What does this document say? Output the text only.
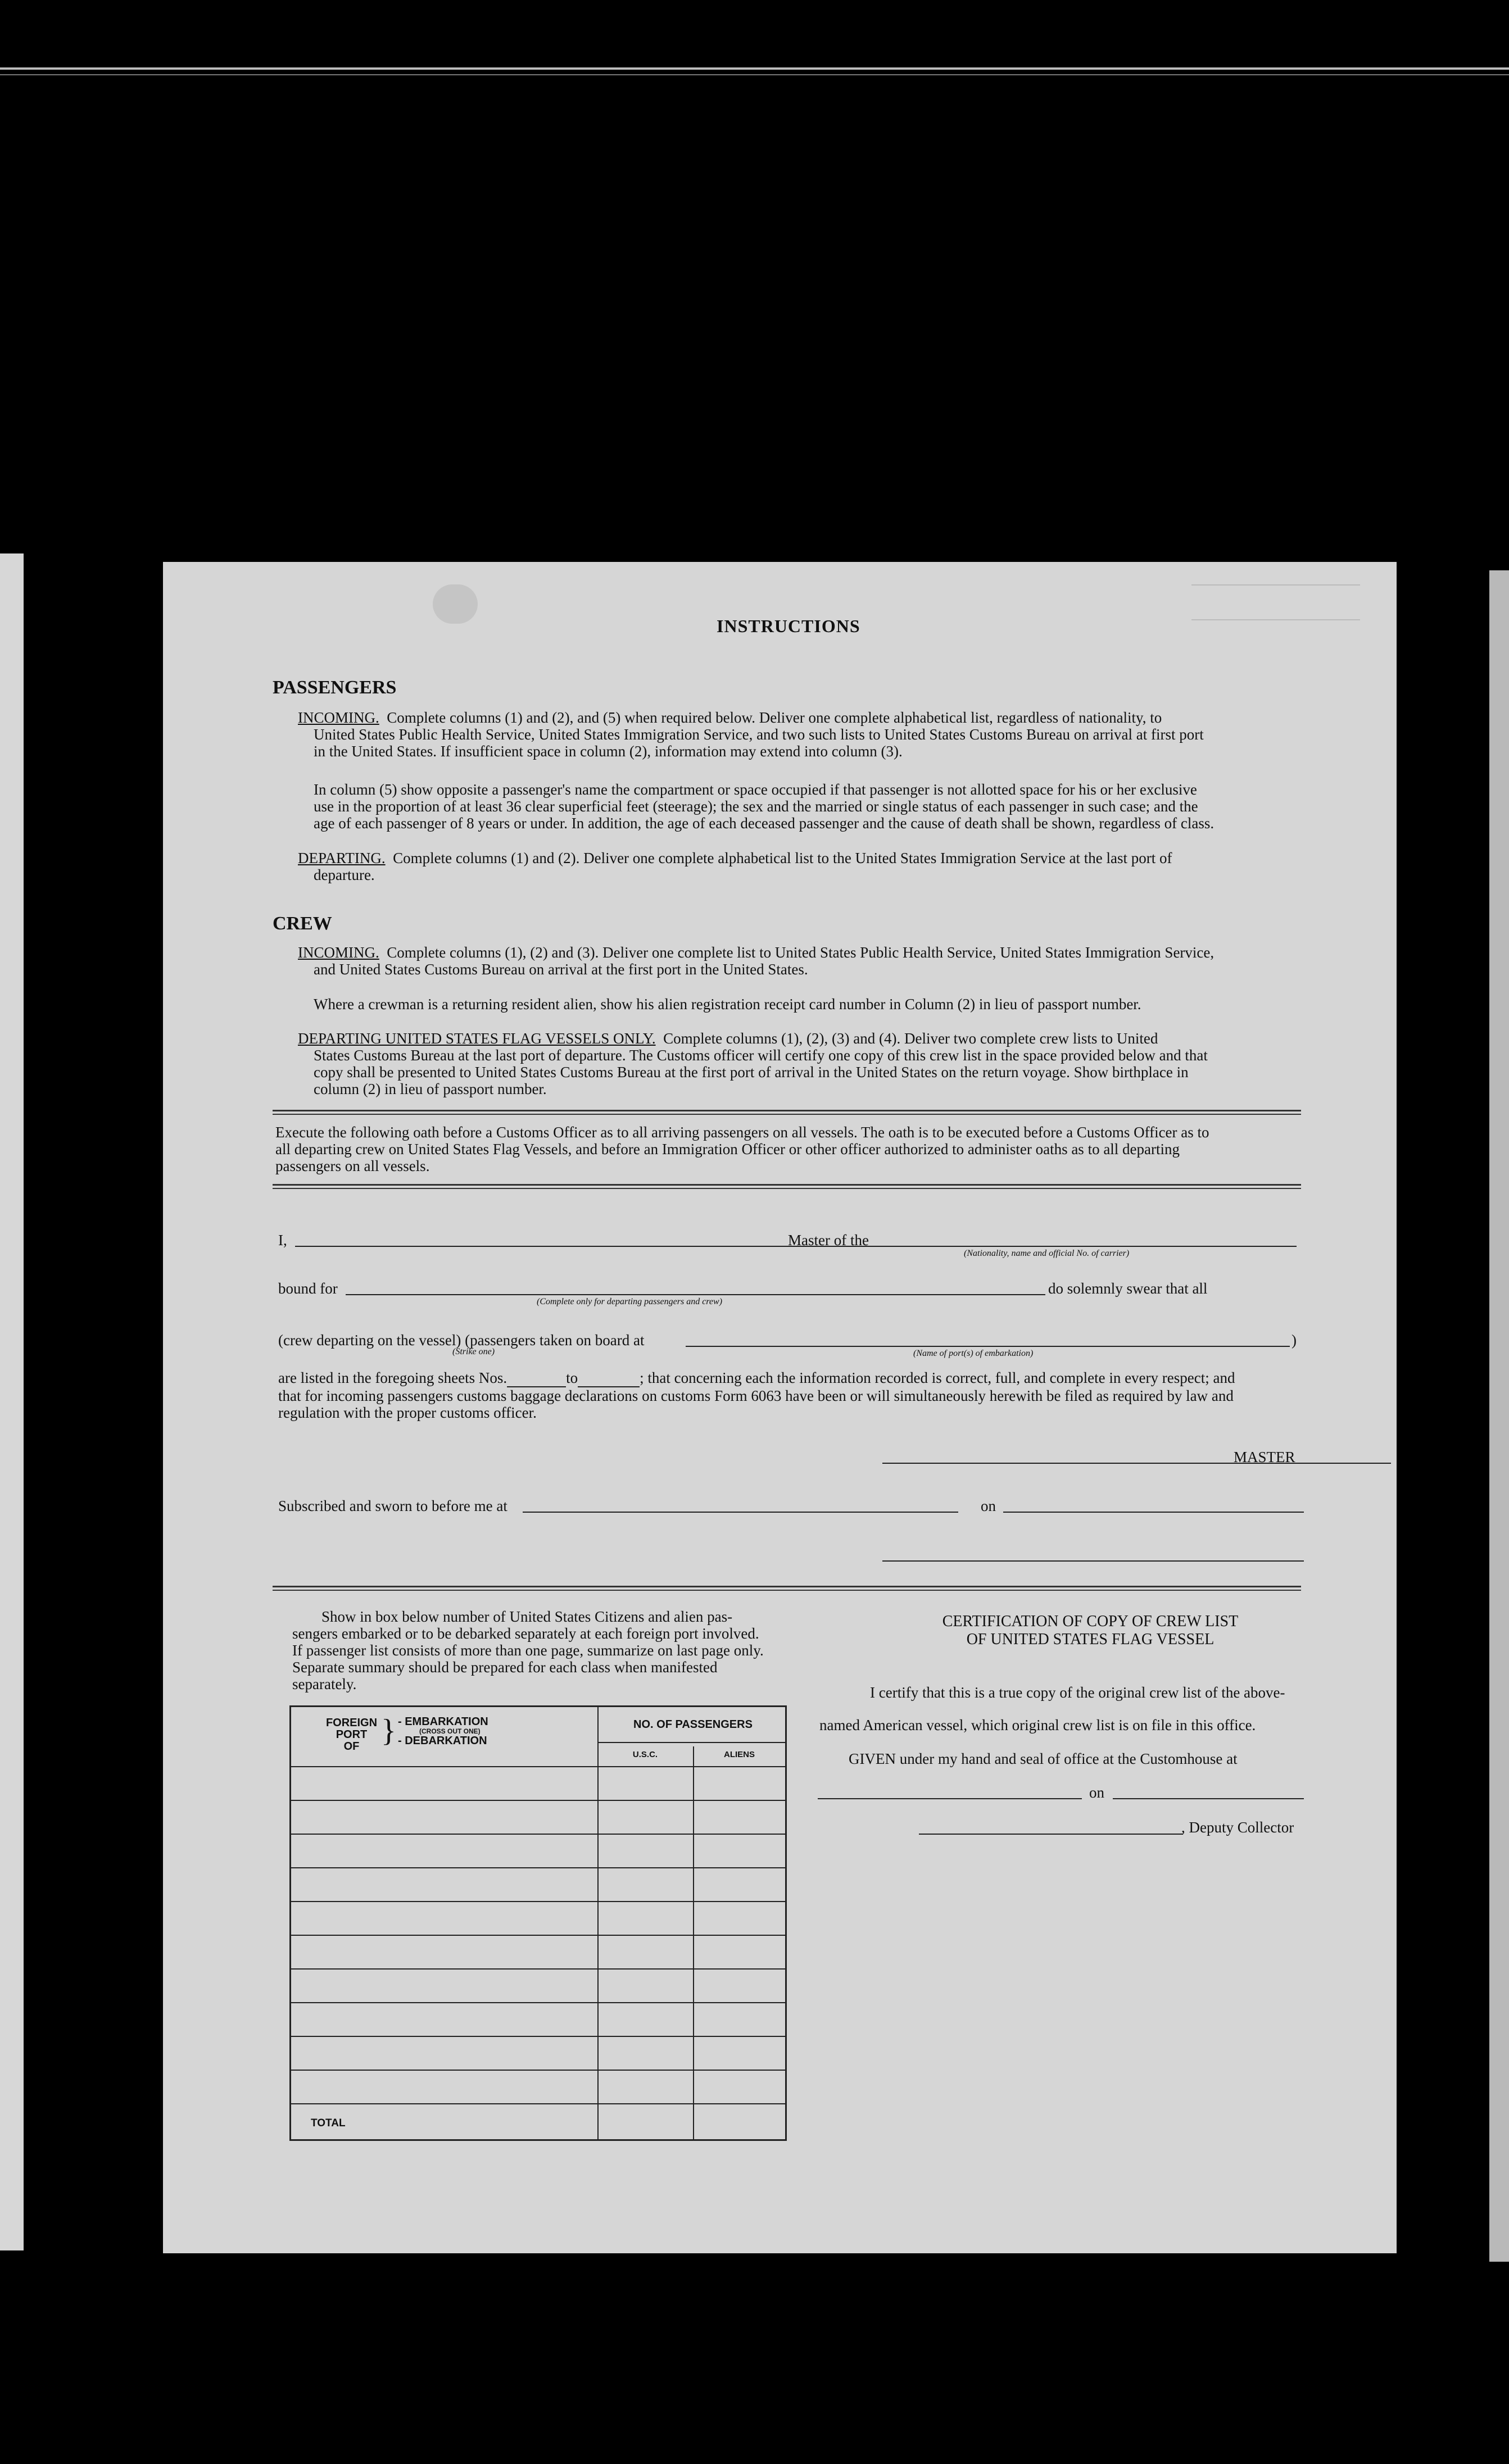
INSTRUCTIONS
PASSENGERS
INCOMING. Complete columns (1) and (2), and (5) when required below. Deliver one complete alphabetical list, regardless of nationality, to
United States Public Health Service, United States Immigration Service, and two such lists to United States Customs Bureau on arrival at first port
in the United States. If insufficient space in column (2), information may extend into column (3).
In column (5) show opposite a passenger's name the compartment or space occupied if that passenger is not allotted space for his or her exclusive
use in the proportion of at least 36 clear superficial feet (steerage); the sex and the married or single status of each passenger in such case; and the
age of each passenger of 8 years or under. In addition, the age of each deceased passenger and the cause of death shall be shown, regardless of class.
DEPARTING. Complete columns (1) and (2). Deliver one complete alphabetical list to the United States Immigration Service at the last port of
departure.
CREW
INCOMING. Complete columns (1), (2) and (3). Deliver one complete list to United States Public Health Service, United States Immigration Service,
and United States Customs Bureau on arrival at the first port in the United States.
Where a crewman is a returning resident alien, show his alien registration receipt card number in Column (2) in lieu of passport number.
DEPARTING UNITED STATES FLAG VESSELS ONLY. Complete columns (1), (2), (3) and (4). Deliver two complete crew lists to United
States Customs Bureau at the last port of departure. The Customs officer will certify one copy of this crew list in the space provided below and that
copy shall be presented to United States Customs Bureau at the first port of arrival in the United States on the return voyage. Show birthplace in
column (2) in lieu of passport number.
Execute the following oath before a Customs Officer as to all arriving passengers on all vessels. The oath is to be executed before a Customs Officer as to
all departing crew on United States Flag Vessels, and before an Immigration Officer or other officer authorized to administer oaths as to all departing
passengers on all vessels.
I,	Master of the
(Nationality, name and official No. of carrier)
bound for
(Complete only for departing passengers and crew)
do solemnly swear that all
(crew departing on the vessel) (passengers taken on board at
(Strike one)	(Name of port(s) of embarkation)
)
are listed in the foregoing sheets Nos.	to	; that concerning each the information recorded is correct, full, and complete in every respect; and
that for incoming passengers customs baggage declarations on customs Form 6063 have been or will simultaneously herewith be filed as required by law and
regulation with the proper customs officer.
MASTER
Subscribed and sworn to before me at	on
Show in box below number of United States Citizens and alien pas-
sengers embarked or to be debarked separately at each foreign port involved.
If passenger list consists of more than one page, summarize on last page only.
Separate summary should be prepared for each class when manifested
separately.
FOREIGN
PORT
OF } - EMBARKATION
(CROSS OUT ONE)
- DEBARKATION
NO. OF PASSENGERS
U.S.C.	ALIENS
TOTAL
CERTIFICATION OF COPY OF CREW LIST
OF UNITED STATES FLAG VESSEL
I certify that this is a true copy of the original crew list of the above-
named American vessel, which original crew list is on file in this office.
GIVEN under my hand and seal of office at the Customhouse at
on
, Deputy Collector
